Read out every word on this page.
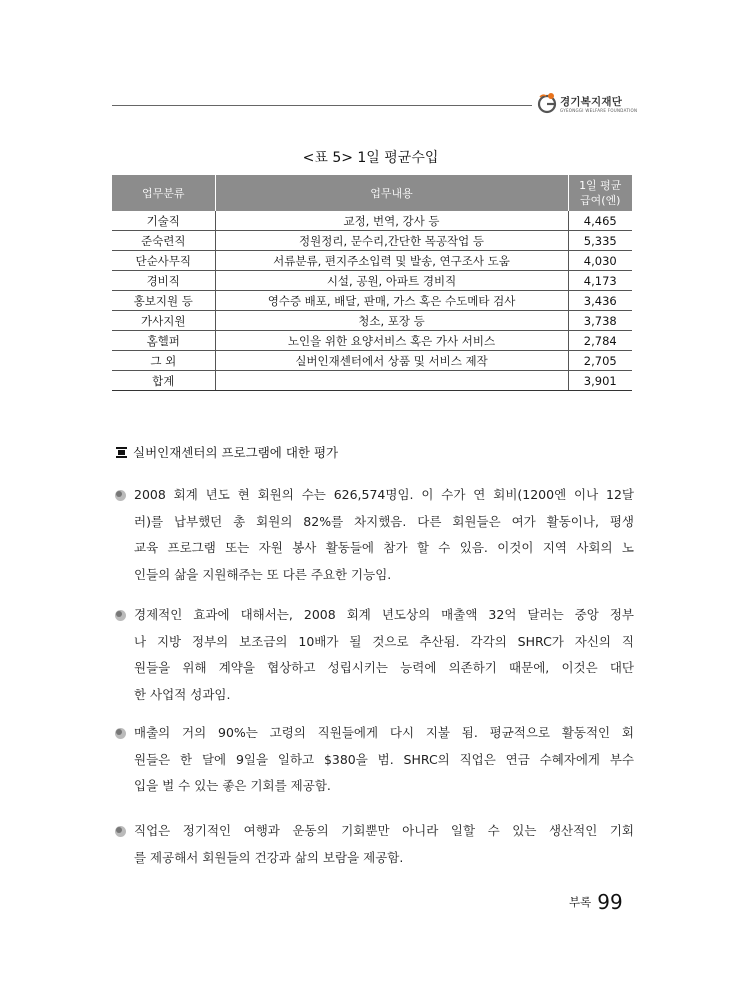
경기복지재단
GYEONGGI WELFARE FOUNDATION
<표 5> 1일 평균수입
업무분류	업무내용	1일 평균
급여(엔)
기술직	교정, 번역, 강사 등	4,465
준숙련직	정원정리, 문수리,간단한 목공작업 등	5,335
단순사무직	서류분류, 편지주소입력 및 발송, 연구조사 도움	4,030
경비직	시설, 공원, 아파트 경비직	4,173
홍보지원 등	영수증 배포, 배달, 판매, 가스 혹은 수도메타 검사	3,436
가사지원	청소, 포장 등	3,738
홈헬퍼	노인을 위한 요양서비스 혹은 가사 서비스	2,784
그 외	실버인재센터에서 상품 및 서비스 제작	2,705
합계		3,901
실버인재센터의 프로그램에 대한 평가
2008 회계 년도 현 회원의 수는 626,574명임. 이 수가 연 회비(1200엔 이나 12달
러)를 납부했던 총 회원의 82%를 차지했음. 다른 회원들은 여가 활동이나, 평생
교육 프로그램 또는 자원 봉사 활동들에 참가 할 수 있음. 이것이 지역 사회의 노
인들의 삶을 지원해주는 또 다른 주요한 기능임.
경제적인 효과에 대해서는, 2008 회계 년도상의 매출액 32억 달러는 중앙 정부
나 지방 정부의 보조금의 10배가 될 것으로 추산됨. 각각의 SHRC가 자신의 직
원들을 위해 계약을 협상하고 성립시키는 능력에 의존하기 때문에, 이것은 대단
한 사업적 성과임.
매출의 거의 90%는 고령의 직원들에게 다시 지불 됨. 평균적으로 활동적인 회
원들은 한 달에 9일을 일하고 $380을 범. SHRC의 직업은 연금 수혜자에게 부수
입을 벌 수 있는 좋은 기회를 제공함.
직업은 정기적인 여행과 운동의 기회뿐만 아니라 일할 수 있는 생산적인 기회
를 제공해서 회원들의 건강과 삶의 보람을 제공함.
부록 99
